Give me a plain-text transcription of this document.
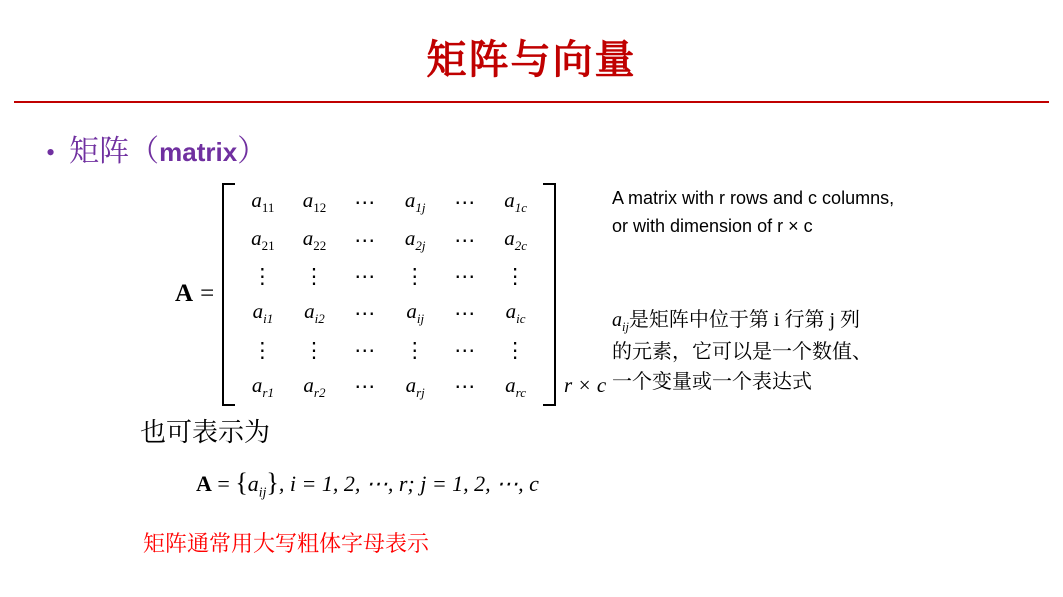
矩阵与向量
• 矩阵（matrix）
A =
$a_{11}$	$a_{12}$	⋯	$a_{1j}$	⋯	$a_{1c}$
$a_{21}$	$a_{22}$	⋯	$a_{2j}$	⋯	$a_{2c}$
⋮	⋮	⋯	⋮	⋯	⋮
$a_{i1}$	$a_{i2}$	⋯	$a_{ij}$	⋯	$a_{ic}$
⋮	⋮	⋯	⋮	⋯	⋮
$a_{r1}$	$a_{r2}$	⋯	$a_{rj}$	⋯	$a_{rc}$ r × c
A matrix with r rows and c columns, or with dimension of r × c
$a_{ij}$是矩阵中位于第 i 行第 j 列
的元素，它可以是一个数值、
一个变量或一个表达式
也可表示为
$A = \{a_{ij}\}$, i = 1, 2, ⋯, r; j = 1, 2, ⋯, c
矩阵通常用大写粗体字母表示
